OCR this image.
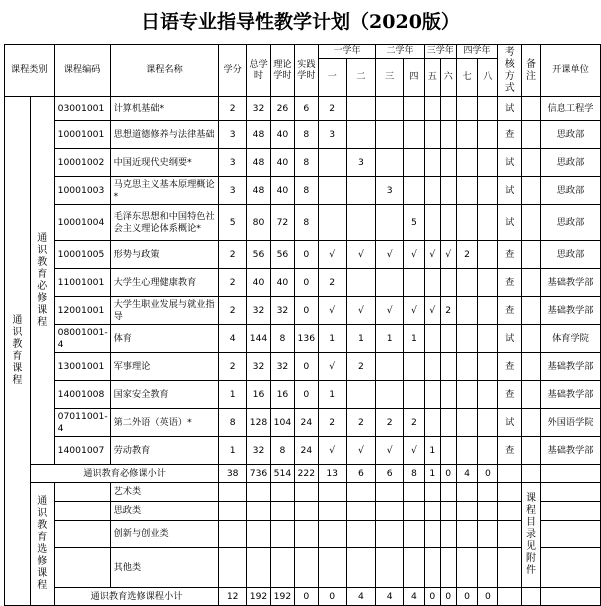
日语专业指导性教学计划（2020版）
课程类别		课程编码	课程名称	学分	总学时	理论学时	实践学时	一学年		二学年		三学年		四学年		考核方式	备注	开课单位
								一	二	三	四	五	六	七	八			
通识教育课程	通识教育必修课程	03001001	计算机基础*	2	32	26	6	2								试		信息工程学
		10001001	思想道德修养与法律基础	3	48	40	8	3								查		思政部
		10001002	中国近现代史纲要*	3	48	40	8		3							试		思政部
		10001003	马克思主义基本原理概论*	3	48	40	8			3						试		思政部
		10001004	毛泽东思想和中国特色社会主义理论体系概论*	5	80	72	8				5					试		思政部
		10001005	形势与政策	2	56	56	0	√	√	√	√	√	√	2		查		思政部
		11001001	大学生心理健康教育	2	40	40	0	2								查		基础教学部
		12001001	大学生职业发展与就业指导	2	32	32	0	√	√	√	√	√	2			查		基础教学部
		08001001-4	体育	4	144	8	136	1	1	1	1					试		体育学院
		13001001	军事理论	2	32	32	0	√	2							查		基础教学部
		14001008	国家安全教育	1	16	16	0	1								查		基础教学部
		07011001-4	第二外语（英语）*	8	128	104	24	2	2	2	2					试		外国语学院
		14001007	劳动教育	1	32	8	24	√	√	√	√	1				查		基础教学部
	通识教育必修课小计			38	736	514	222	13	6	6	8	1	0	4	0			
	通识教育选修课程		艺术类														课程目录见附件	
			思政类															
			创新与创业类															
			其他类															
		通识教育选修课程小计		12	192	192	0	0	4	4	4	0	0	0	0			
